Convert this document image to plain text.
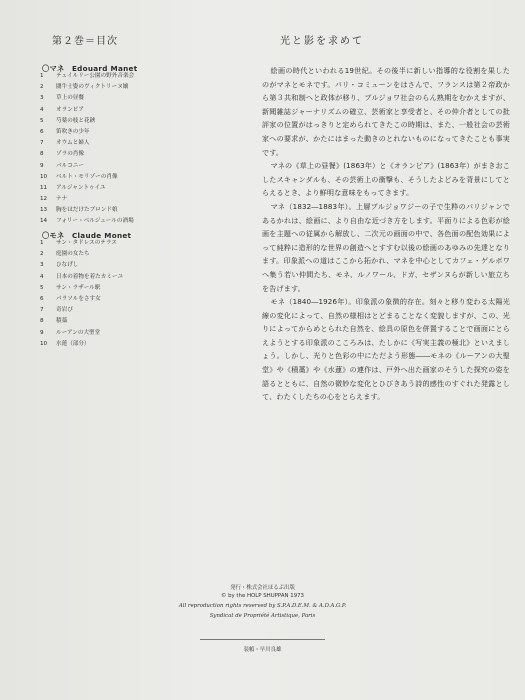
第２巻＝目次	光と影を求めて
〇マネ　Edouard Manet
1	テュイルリー公園の野外音楽会
2	闘牛士姿のヴィクトリーヌ嬢
3	草上の昼餐
4	オランピア
5	芍薬の枝と花鋏
6	笛吹きの少年
7	オウムと婦人
8	ゾラの肖像
9	バルコニー
10	ベルト・モリゾーの肖像
11	アルジャントゥイユ
12	ナナ
13	胸をはだけたブロンド娘
14	フォリー・ベルジェールの酒場
〇モネ　Claude Monet
1	サン・タドレスのテラス
2	庭園の女たち
3	ひなげし
4	日本の着物を着たカミーユ
5	サン・ラザール駅
6	パラソルをさす女
7	奇岩ぴ
8	積藁
9	ルーアンの大聖堂
10	水蓮（部分）

絵画の時代といわれる19世紀。その後半に新しい指導的な役割を果したのがマネとモネです。パリ・コミューンをはさんで、フランスは第２帝政から第３共和制へと政体が移り、ブルジョワ社会のらん熟期をむかえますが、新聞雑誌ジャーナリズムの確立、芸術家と享受者と、その仲介者としての批評家の位置がはっきりと定められてきたこの時期は、また、一般社会の芸術家への要求が、かたにはまった動きのとれないものになってきたことも事実です。

マネの《草上の昼餐》(1863年）と《オランピア》(1863年）がまきおこしたスキャンダルも、その芸術上の衝撃も、そうしたよどみを背景にしてとらえるとき、より鮮明な意味をもってきます。

マネ（1832―1883年）。上層ブルジョワジーの子で生粋のパリジャンであるかれは、絵画に、より自由な近づき方をします。平面りによる色彩が絵画を主題への従属から解放し、二次元の画面の中で、各色面の配色効果によって純粋に造形的な世界の創造へとすすむ以後の絵画のあゆみの先達となります。印象派への道はここから拓かれ、マネを中心としてカフェ・ゲルボワへ集う若い仲間たち、モネ、ルノワール、ドガ、セザンヌらが新しい旅立ちを告げます。

モネ（1840―1926年）。印象派の象徴的存在。刻々と移り変わる太陽光線の変化によって、自然の様相はとどまることなく変貌しますが、この、光りによってからめとられた自然を、絵具の原色を併置することで画面にとらえようとする印象派のこころみは、たしかに《写実主義の極北》といえましょう。しかし、光りと色彩の中にただよう形態――モネの《ルーアンの大聖堂》や《積藁》や《水蓮》の連作は、戸外へ出た画家のそうした探究の姿を語るとともに、自然の微妙な変化とひびきあう詩的感性のすぐれた発露として、わたくしたちの心をとらえます。

発行・株式会社ほるぷ出版
© by the HOLP SHUPPAN 1973
All reproduction rights reserved by S.P.A.D.E.M. & A.D.A.G.P.
Syndicat de Propriété Artistique, Paris
装幀・早川良雄
